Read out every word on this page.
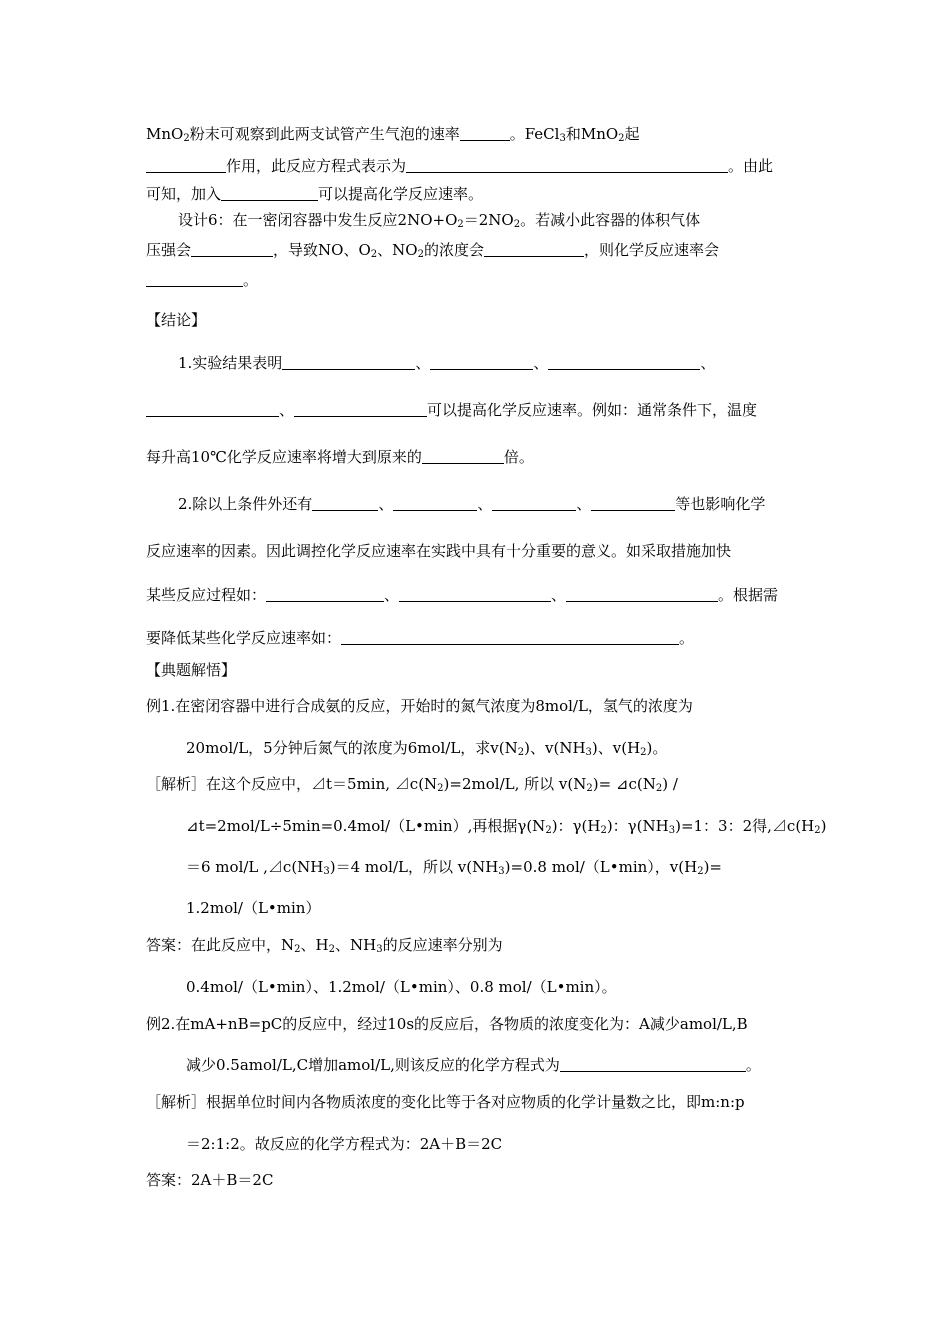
MnO$_2$粉末可观察到此两支试管产生气泡的速率	。FeCl$_3$和MnO$_2$起
作用，此反应方程式表示为	。由此
可知，加入	可以提高化学反应速率。
设计6：在一密闭容器中发生反应$2NO+O_2=2NO_2$。若减小此容器的体积气体
压强会	，导致NO、$O_2$、$NO_2$的浓度会	，则化学反应速率会
。
【结论】
1.实验结果表明	、	、	、
、	可以提高化学反应速率。例如：通常条件下，温度
每升高10℃化学反应速率将增大到原来的	倍。
2.除以上条件外还有	、	、	、	等也影响化学
反应速率的因素。因此调控化学反应速率在实践中具有十分重要的意义。如采取措施加快
某些反应过程如：	、	、	。根据需
要降低某些化学反应速率如：	。
【典题解悟】
例1.在密闭容器中进行合成氨的反应，开始时的氮气浓度为8mol/L，氢气的浓度为
20mol/L，5分钟后氮气的浓度为6mol/L，求$v(N_2)$、$v(NH_3)$、$v(H_2)$。
［解析］在这个反应中，⊿t＝5min, $⊿c(N_2)=2mol/L$, 所以 $v(N_2)=$ $⊿c(N_2)$ /
⊿t=2mol/L÷5min=0.4mol/（L•min）,再根据$\gamma(N_2)$：$\gamma(H_2)$：$\gamma(NH_3)=1$：3：2得$,⊿c(H_2)$
＝6 mol/L $,⊿c(NH_3)=4$ mol/L，所以 $v(NH_3)=0.8$ mol/（L•min），$v(H_2)=$
1.2mol/（L•min）
答案：在此反应中，$N_2$、$H_2$、$NH_3$的反应速率分别为
0.4mol/（L•min）、1.2mol/（L•min）、0.8 mol/（L•min）。
例2.在mA+nB=pC的反应中，经过10s的反应后，各物质的浓度变化为：A减少amol/L,B
减少0.5amol/L,C增加amol/L,则该反应的化学方程式为	。
［解析］根据单位时间内各物质浓度的变化比等于各对应物质的化学计量数之比，即m:n:p
＝2:1:2。故反应的化学方程式为：2A＋B＝2C
答案：2A＋B＝2C
